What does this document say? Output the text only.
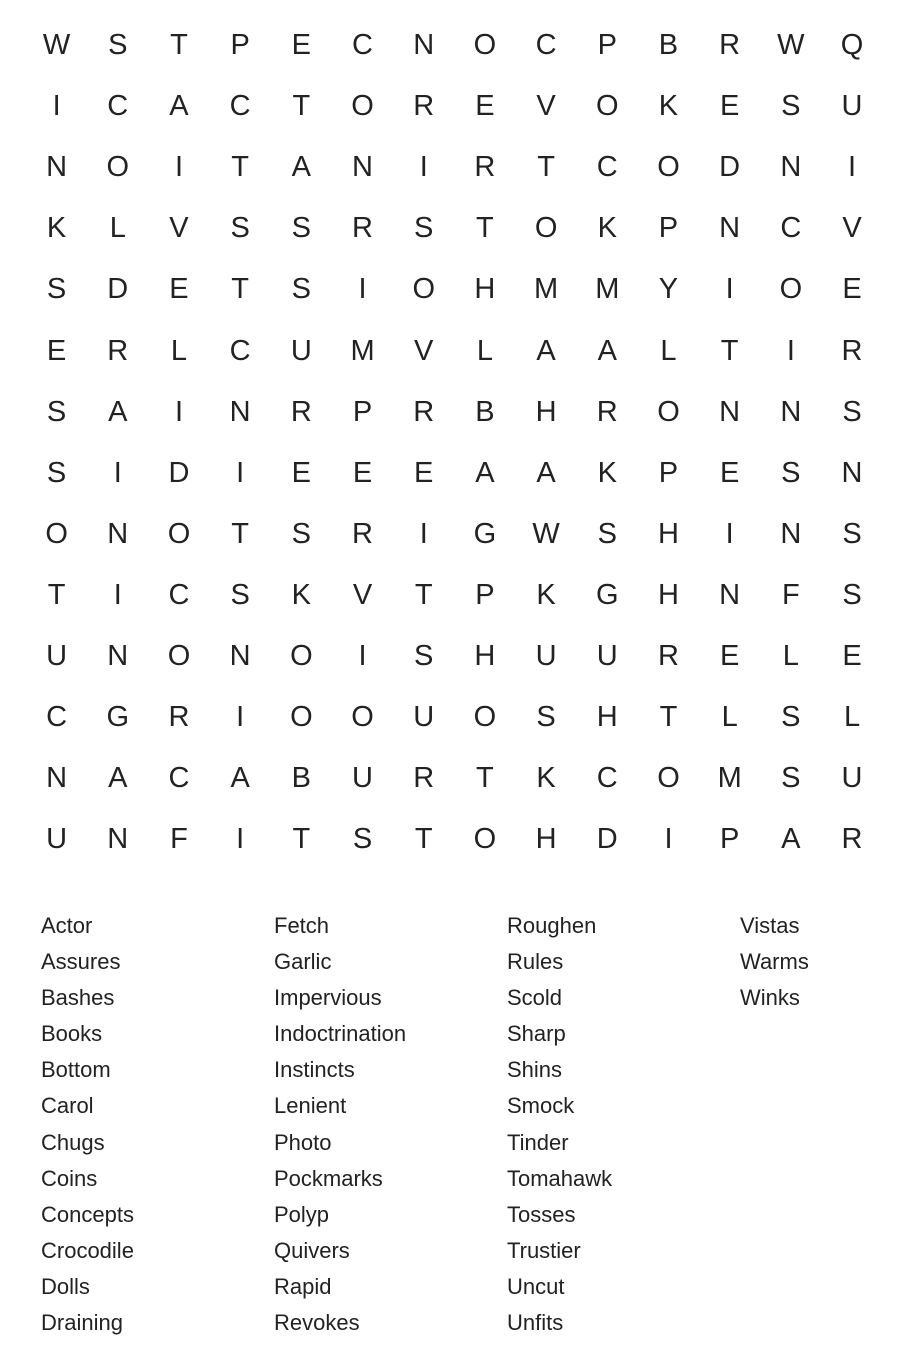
W	S	T	P	E	C	N	O	C	P	B	R	W	Q
I	C	A	C	T	O	R	E	V	O	K	E	S	U
N	O	I	T	A	N	I	R	T	C	O	D	N	I
K	L	V	S	S	R	S	T	O	K	P	N	C	V
S	D	E	T	S	I	O	H	M	M	Y	I	O	E
E	R	L	C	U	M	V	L	A	A	L	T	I	R
S	A	I	N	R	P	R	B	H	R	O	N	N	S
S	I	D	I	E	E	E	A	A	K	P	E	S	N
O	N	O	T	S	R	I	G	W	S	H	I	N	S
T	I	C	S	K	V	T	P	K	G	H	N	F	S
U	N	O	N	O	I	S	H	U	U	R	E	L	E
C	G	R	I	O	O	U	O	S	H	T	L	S	L
N	A	C	A	B	U	R	T	K	C	O	M	S	U
U	N	F	I	T	S	T	O	H	D	I	P	A	R
Actor
Assures
Bashes
Books
Bottom
Carol
Chugs
Coins
Concepts
Crocodile
Dolls
Draining
Fetch
Garlic
Impervious
Indoctrination
Instincts
Lenient
Photo
Pockmarks
Polyp
Quivers
Rapid
Revokes
Roughen
Rules
Scold
Sharp
Shins
Smock
Tinder
Tomahawk
Tosses
Trustier
Uncut
Unfits
Vistas
Warms
Winks
